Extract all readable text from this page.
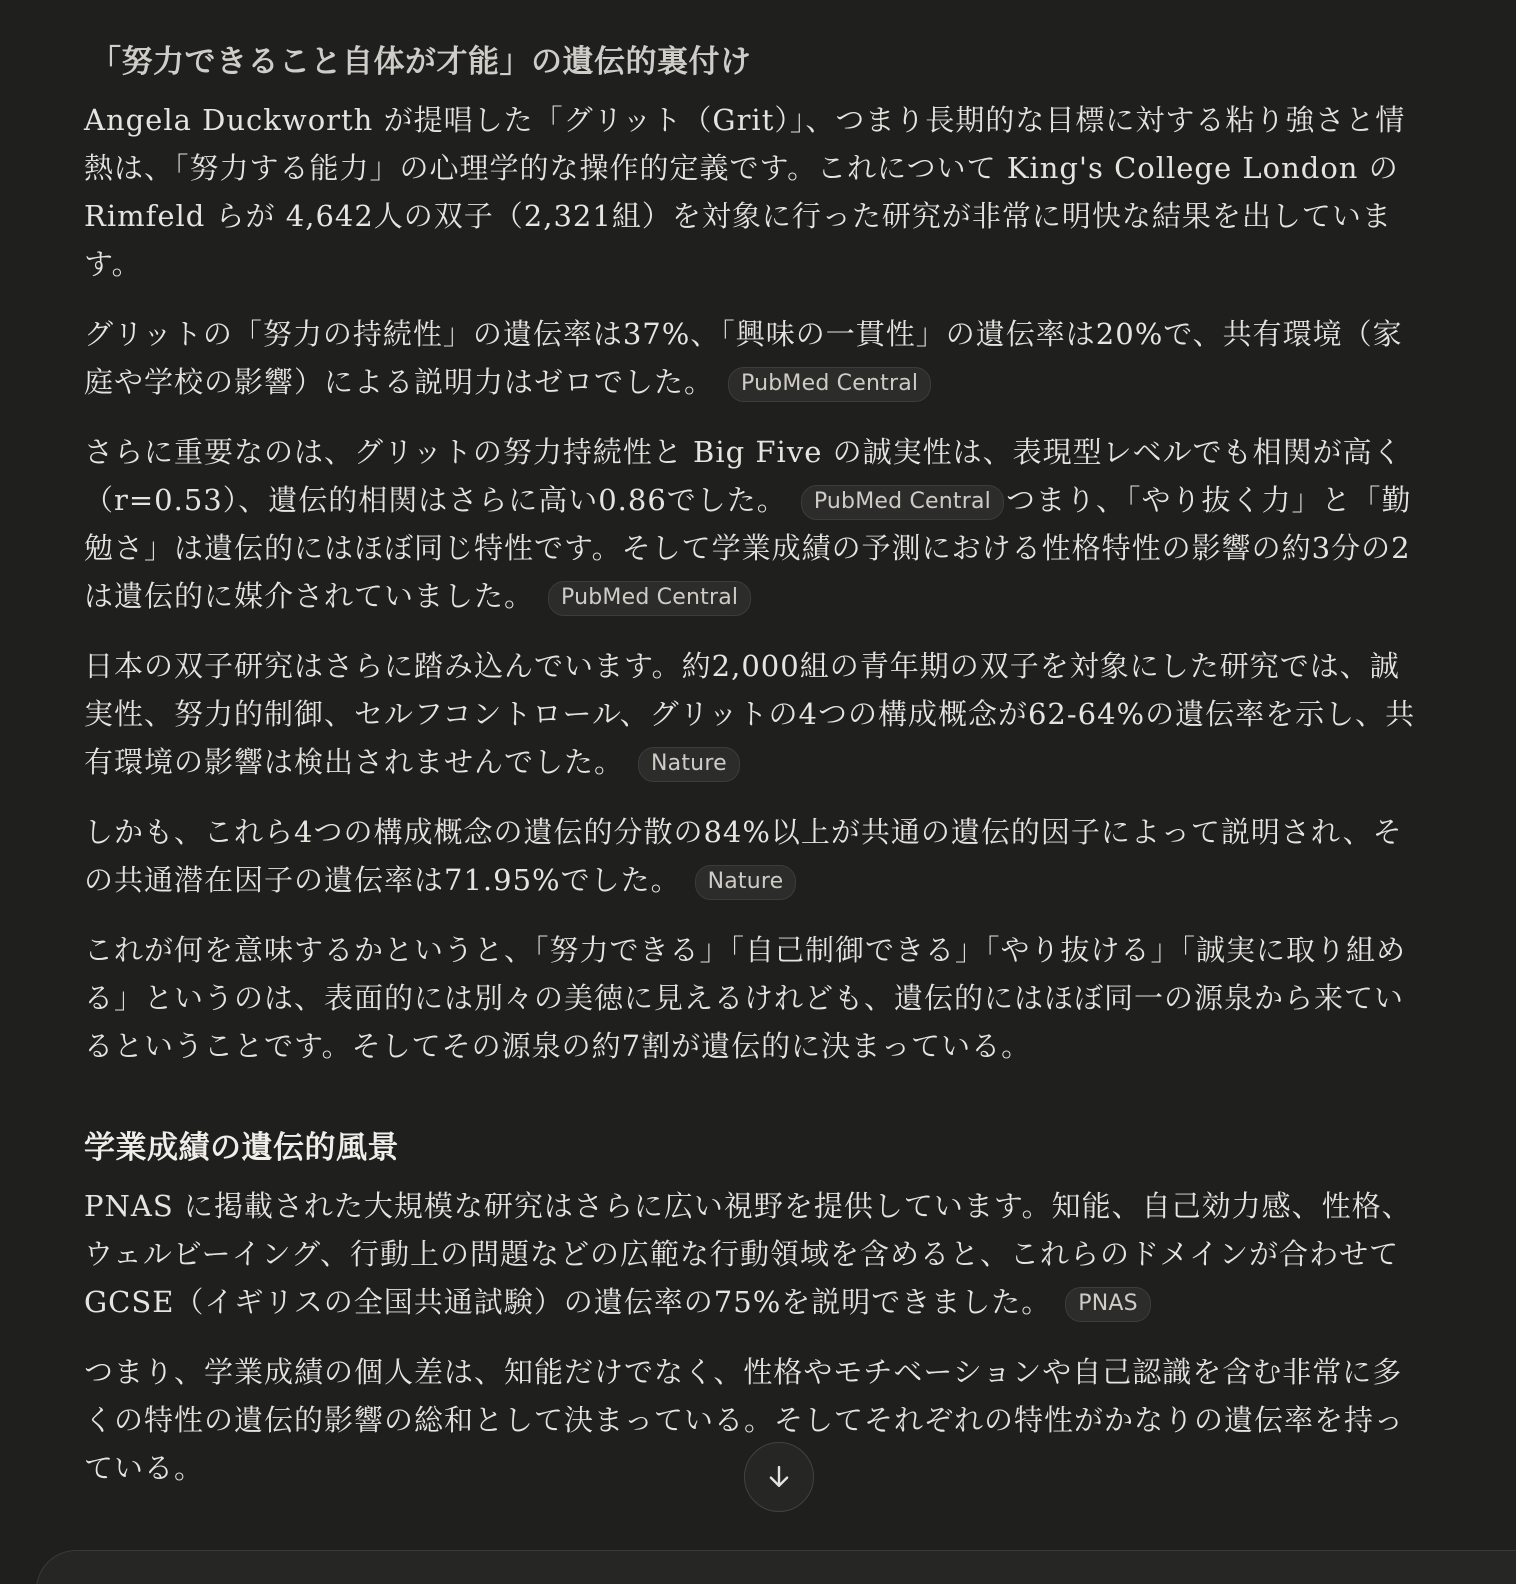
「努力できること自体が才能」の遺伝的裏付け

Angela Duckworth が提唱した「グリット（Grit）」、つまり長期的な目標に対する粘り強さと情熱は、「努力する能力」の心理学的な操作的定義です。これについて King's College London の Rimfeld らが 4,642人の双子（2,321組）を対象に行った研究が非常に明快な結果を出しています。

グリットの「努力の持続性」の遺伝率は37%、「興味の一貫性」の遺伝率は20%で、共有環境（家庭や学校の影響）による説明力はゼロでした。 PubMed Central

さらに重要なのは、グリットの努力持続性と Big Five の誠実性は、表現型レベルでも相関が高く（r=0.53）、遺伝的相関はさらに高い0.86でした。 PubMed Central つまり、「やり抜く力」と「勤勉さ」は遺伝的にはほぼ同じ特性です。そして学業成績の予測における性格特性の影響の約3分の2は遺伝的に媒介されていました。 PubMed Central

日本の双子研究はさらに踏み込んでいます。約2,000組の青年期の双子を対象にした研究では、誠実性、努力的制御、セルフコントロール、グリットの4つの構成概念が62-64%の遺伝率を示し、共有環境の影響は検出されませんでした。 Nature

しかも、これら4つの構成概念の遺伝的分散の84%以上が共通の遺伝的因子によって説明され、その共通潜在因子の遺伝率は71.95%でした。 Nature

これが何を意味するかというと、「努力できる」「自己制御できる」「やり抜ける」「誠実に取り組める」というのは、表面的には別々の美徳に見えるけれども、遺伝的にはほぼ同一の源泉から来ているということです。そしてその源泉の約7割が遺伝的に決まっている。

学業成績の遺伝的風景

PNAS に掲載された大規模な研究はさらに広い視野を提供しています。知能、自己効力感、性格、ウェルビーイング、行動上の問題などの広範な行動領域を含めると、これらのドメインが合わせて GCSE（イギリスの全国共通試験）の遺伝率の75%を説明できました。 PNAS

つまり、学業成績の個人差は、知能だけでなく、性格やモチベーションや自己認識を含む非常に多くの特性の遺伝的影響の総和として決まっている。そしてそれぞれの特性がかなりの遺伝率を持っている。
